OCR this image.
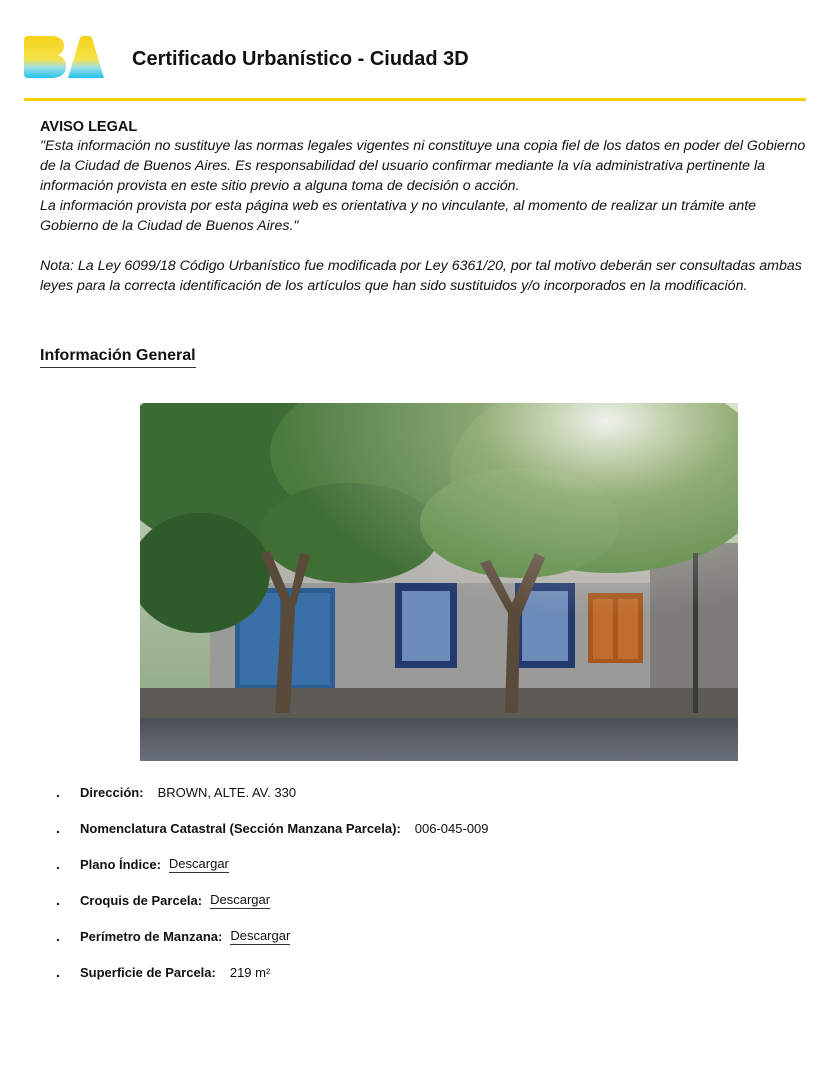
Certificado Urbanístico - Ciudad 3D
AVISO LEGAL

"Esta información no sustituye las normas legales vigentes ni constituye una copia fiel de los datos en poder del Gobierno de la Ciudad de Buenos Aires. Es responsabilidad del usuario confirmar mediante la vía administrativa pertinente la información provista en este sitio previo a alguna toma de decisión o acción.

La información provista por esta página web es orientativa y no vinculante, al momento de realizar un trámite ante Gobierno de la Ciudad de Buenos Aires."

Nota: La Ley 6099/18 Código Urbanístico fue modificada por Ley 6361/20, por tal motivo deberán ser consultadas ambas leyes para la correcta identificación de los artículos que han sido sustituidos y/o incorporados en la modificación.

Información General
.	Dirección: BROWN, ALTE. AV. 330
.	Nomenclatura Catastral (Sección Manzana Parcela): 006-045-009
.	Plano Índice: Descargar
.	Croquis de Parcela: Descargar
.	Perímetro de Manzana: Descargar
.	Superficie de Parcela: 219 m²
